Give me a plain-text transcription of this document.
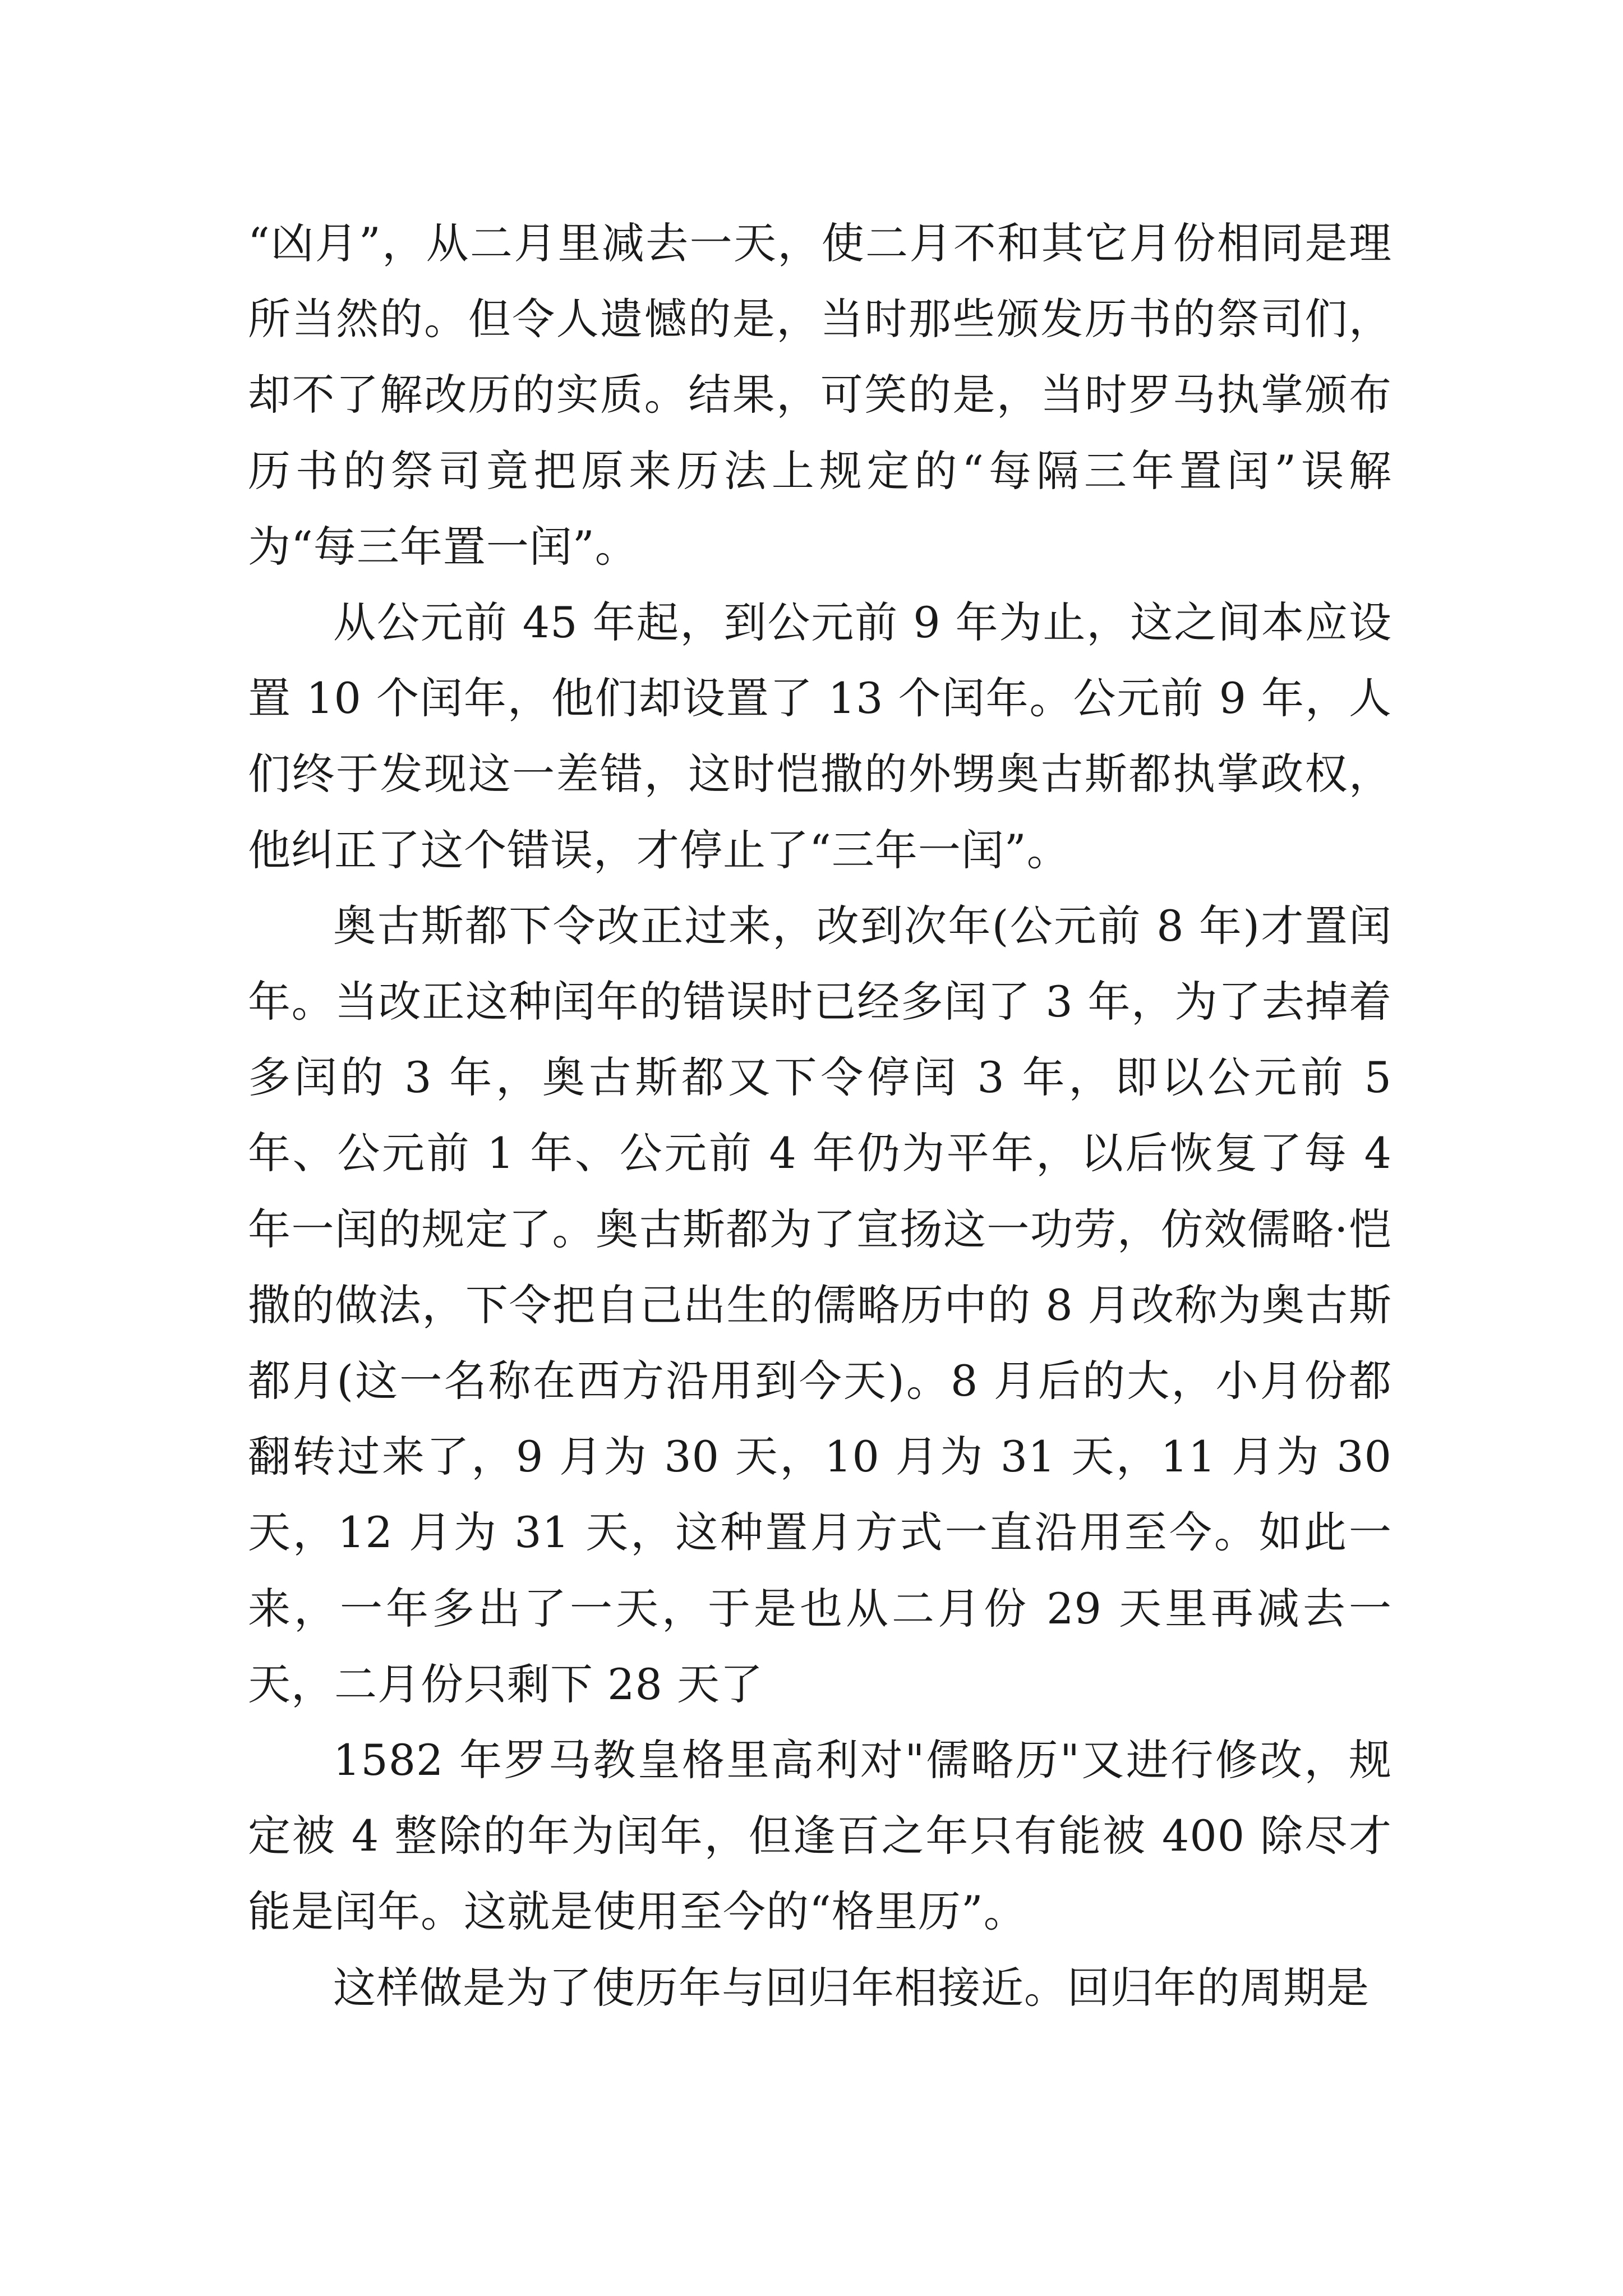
“凶月”，从二月里减去一天，使二月不和其它月份相同是理所当然的。但令人遗憾的是，当时那些颁发历书的祭司们，却不了解改历的实质。结果，可笑的是，当时罗马执掌颁布历书的祭司竟把原来历法上规定的“每隔三年置闰”误解为“每三年置一闰”。

从公元前 45 年起，到公元前 9 年为止，这之间本应设置 10 个闰年，他们却设置了 13 个闰年。公元前 9 年，人们终于发现这一差错，这时恺撒的外甥奥古斯都执掌政权，他纠正了这个错误，才停止了“三年一闰”。

奥古斯都下令改正过来，改到次年(公元前 8 年)才置闰年。当改正这种闰年的错误时已经多闰了 3 年，为了去掉着多闰的 3 年，奥古斯都又下令停闰 3 年，即以公元前 5 年、公元前 1 年、公元前 4 年仍为平年，以后恢复了每 4 年一闰的规定了。奥古斯都为了宣扬这一功劳，仿效儒略·恺撒的做法，下令把自己出生的儒略历中的 8 月改称为奥古斯都月(这一名称在西方沿用到今天)。8 月后的大，小月份都翻转过来了，9 月为 30 天，10 月为 31 天，11 月为 30 天，12 月为 31 天，这种置月方式一直沿用至今。如此一来，一年多出了一天，于是也从二月份 29 天里再减去一天，二月份只剩下 28 天了

1582 年罗马教皇格里高利对"儒略历"又进行修改，规定被 4 整除的年为闰年，但逢百之年只有能被 400 除尽才能是闰年。这就是使用至今的“格里历”。

这样做是为了使历年与回归年相接近。回归年的周期是
